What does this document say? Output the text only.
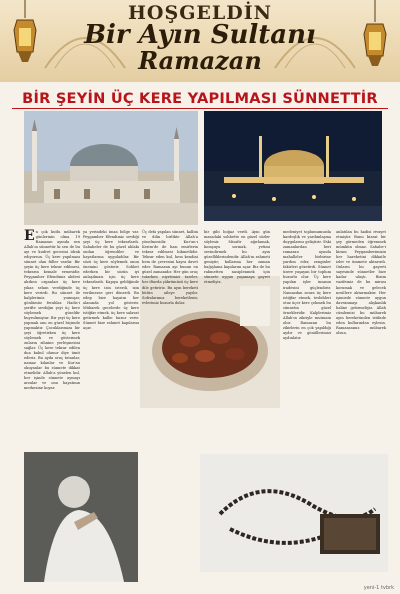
HOŞGELDİN
Bir Ayın Sultanı
Ramazan
BİR ŞEYİN ÜÇ KERE YAPILMASI SÜNNETTİR

En çok kutlu mübarek günlerinin olma 19 Ramazan ayında sen Allah'ın sünnettir ki sen de bu ayı ve kudret gecesini idrak ediyorsun. Üç kere yapılması sünnet olan fiiller vardır. Bir şeyin üç kere tekrar edilmesi, tekrarın kemale ermesidir. Peygamber Efendimiz abdest alırken organları üç kere yıkar, selam verdiğinde üç kere verirdi. Bu sünnet ile kalplerimiz yumuşar, gönlümüz ferahlar. Hadis-i şerifte sevdiğin şeyi üç kere söylemek güzeldir buyrulmuştur. Bir şeyi üç kere yapmak onu en güzel biçimde yapmaktır. Çocuklarımıza bir şeyi öğretirken üç kere söylemek ve göstermek onların zihnine yerleşmesini sağlar. Üç kere tekrar edilen dua kabul olunur diye ümit ederiz. Bu ayda oruç tutanlar, namaz kılanlar ve Kur'an okuyanlar bu sünnete dikkat etmelidir. Allah'a yönelen kul, her işinde sünnete uymayı arzular ve onu hayatının merkezine koyar.

ya yerindeki imza bölge var. Peygamber Efendimiz sevdiği şeyi üç kere tekrarlardı. Sahabeler de bu güzel ahlakı ondan öğrendiler ve hayatlarına uyguladılar. Bir sözü üç kere söylemek onun önemini gösterir. Sohbet ederken bir sözün iyi anlaşılması için üç kere tekrarlardı. Kapıya geldiğinde üç kere izin isterdi, izin verilmezse geri dönerdi. Bu edep bize hayatın her alanında yol gösterir. Mübarek gecelerde üç kere istiğfar etmek, üç kere salavat getirmek kalbe huzur verir. Sünnet bize rahmet kapılarını açar.

Üç defa yapılan sünnet, kalbin ve dilin birlikte Allah'a yönelmesidir. Kur'an-ı Kerim'de de bazı emirlerin tekrar edilmesi hikmetlidir. Tekrar eden kul, hem kendini hem de çevresini hayra davet eder. Ramazan ayı bunun en güzel zamanıdır. Her gün oruç tutarken niyetimizi tazeler, her iftarda şükrümüzü üç kere dile getiririz. Bu ayın bereketi bütün aileye yayılır. Sofralarımız bereketlenir, evlerimiz huzurla dolar.

bir gibi boğaz verdi. Aynı gün masadaki sohbette en güzel sözler söylenir. Misafir ağırlamak, komşuyu sormak, yetimi sevindirmek bu ayın güzelliklerindendir. Allah'ın rahmeti geniştir; kullarına her zaman bağışlama kapılarını açar. Biz de bu rahmetten nasiplenmek için sünnete uygun yaşamaya gayret etmeliyiz.

medeniyet toplumumuzda kardeşlik ve yardımlaşma duygularını geliştirir. Eski zamanlardan beri ramazan ayında mahalleler birbirine yardım eder, zenginler fakirleri gözetirdi. Sünnet üzere yaşayan bir toplum huzurlu olur. Üç kere yapılan işler insanın iradesini güçlendirir. Namazdan sonra üç kere istiğfar etmek, tesbihleri otuz üçer kere çekmek bu sünnetin güzel örnekleridir. Kalplerimiz Allah'ın zikriyle mutmain olur. Ramazan bu zikirlerin en çok yapıldığı aydır ve gönüllerimizi aydınlatır.

anlatılan bu hadisi rivayet etmiştir. Bunu bizzat bir şey görmeden öğrenmek mümkün olmaz. Sahabe-i kiram Peygamberimizin her hareketini dikkatle izler ve ümmete aktarırdı. Onların bu gayreti sayesinde sünnetler bize kadar ulaştı. Bizim vazifemiz de bu mirası korumak ve gelecek nesillere aktarmaktır. Her işimizde sünnete uygun davranmayı alışkanlık haline getirmeliyiz. Allah cümlemizi bu mübarek ayın bereketinden istifade eden kullarından eylesin. Ramazanınız mübarek olsun.

yeni-1 tvbrk
